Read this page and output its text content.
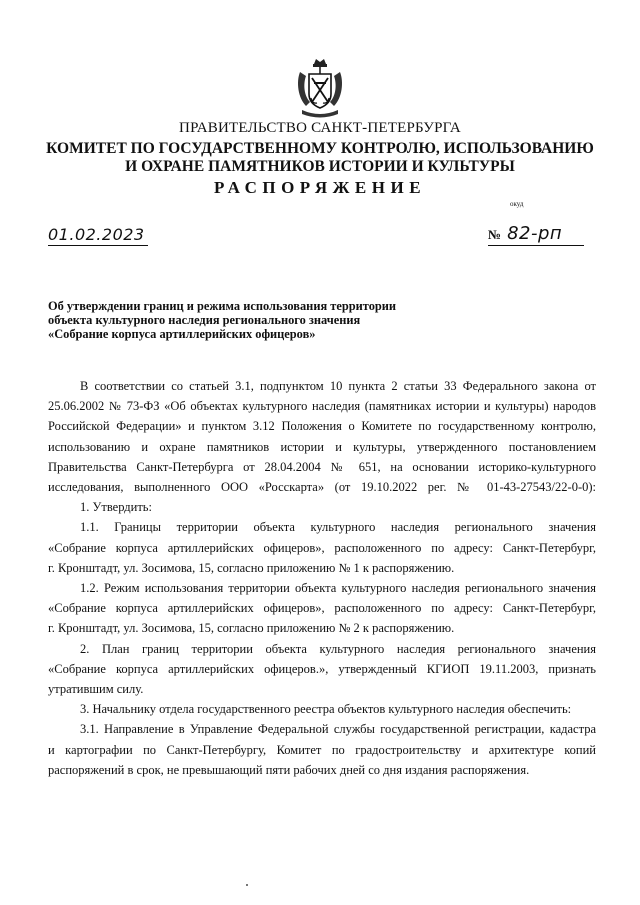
ПРАВИТЕЛЬСТВО САНКТ-ПЕТЕРБУРГА
КОМИТЕТ ПО ГОСУДАРСТВЕННОМУ КОНТРОЛЮ, ИСПОЛЬЗОВАНИЮ
И ОХРАНЕ ПАМЯТНИКОВ ИСТОРИИ И КУЛЬТУРЫ
РАСПОРЯЖЕНИЕ
окуд
01.02.2023	№ 82-рп
Об утверждении границ и режима использования территории
объекта культурного наследия регионального значения
«Собрание корпуса артиллерийских офицеров»

В соответствии со статьей 3.1, подпунктом 10 пункта 2 статьи 33 Федерального закона от

25.06.2002 № 73-ФЗ «Об объектах культурного наследия (памятниках истории и культуры) народов

Российской Федерации» и пунктом 3.12 Положения о Комитете по государственному контролю,

использованию и охране памятников истории и культуры, утвержденного постановлением

Правительства Санкт-Петербурга от 28.04.2004 № 651, на основании историко-культурного

исследования, выполненного ООО «Росскарта» (от 19.10.2022 рег. № 01-43-27543/22-0-0):

1. Утвердить:

1.1. Границы территории объекта культурного наследия регионального значения

«Собрание корпуса артиллерийских офицеров», расположенного по адресу: Санкт-Петербург,

г. Кронштадт, ул. Зосимова, 15, согласно приложению № 1 к распоряжению.

1.2. Режим использования территории объекта культурного наследия регионального значения

«Собрание корпуса артиллерийских офицеров», расположенного по адресу: Санкт-Петербург,

г. Кронштадт, ул. Зосимова, 15, согласно приложению № 2 к распоряжению.

2. План границ территории объекта культурного наследия регионального значения

«Собрание корпуса артиллерийских офицеров.», утвержденный КГИОП 19.11.2003, признать

утратившим силу.

3. Начальнику отдела государственного реестра объектов культурного наследия обеспечить:

3.1. Направление в Управление Федеральной службы государственной регистрации, кадастра

и картографии по Санкт-Петербургу, Комитет по градостроительству и архитектуре копий

распоряжений в срок, не превышающий пяти рабочих дней со дня издания распоряжения.
